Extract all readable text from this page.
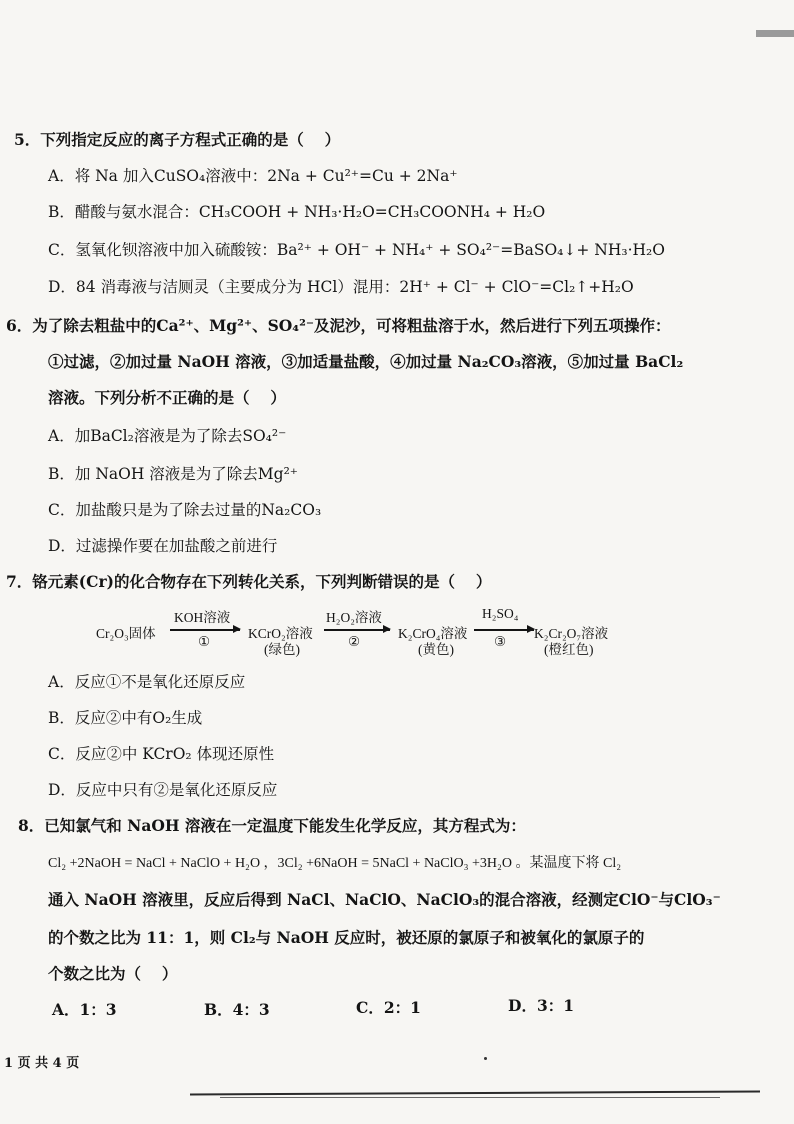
5．下列指定反应的离子方程式正确的是（　 ）
A．将 Na 加入CuSO₄溶液中：2Na + Cu²⁺=Cu + 2Na⁺
B．醋酸与氨水混合：CH₃COOH + NH₃·H₂O=CH₃COONH₄ + H₂O
C．氢氧化钡溶液中加入硫酸铵：Ba²⁺ + OH⁻ + NH₄⁺ + SO₄²⁻=BaSO₄↓+ NH₃·H₂O
D．84 消毒液与洁厕灵（主要成分为 HCl）混用：2H⁺ + Cl⁻ + ClO⁻=Cl₂↑+H₂O
6．为了除去粗盐中的Ca²⁺、Mg²⁺、SO₄²⁻及泥沙，可将粗盐溶于水，然后进行下列五项操作：
①过滤，②加过量 NaOH 溶液，③加适量盐酸，④加过量 Na₂CO₃溶液，⑤加过量 BaCl₂
溶液。下列分析不正确的是（　 ）
A．加BaCl₂溶液是为了除去SO₄²⁻
B．加 NaOH 溶液是为了除去Mg²⁺
C．加盐酸只是为了除去过量的Na₂CO₃
D．过滤操作要在加盐酸之前进行
7．铬元素(Cr)的化合物存在下列转化关系，下列判断错误的是（　 ）
Cr₂O₃固体
KOH溶液
①
KCrO₂溶液
(绿色)
H₂O₂溶液
②
K₂CrO₄溶液
(黄色)
H₂SO₄
③
K₂Cr₂O₇溶液
(橙红色)
A．反应①不是氧化还原反应
B．反应②中有O₂生成
C．反应②中 KCrO₂ 体现还原性
D．反应中只有②是氧化还原反应
8．已知氯气和 NaOH 溶液在一定温度下能发生化学反应，其方程式为：
Cl₂ +2NaOH = NaCl + NaClO + H₂O ，3Cl₂ +6NaOH = 5NaCl + NaClO₃ +3H₂O 。某温度下将 Cl₂
通入 NaOH 溶液里，反应后得到 NaCl、NaClO、NaClO₃的混合溶液，经测定ClO⁻与ClO₃⁻
的个数之比为 11：1，则 Cl₂与 NaOH 反应时，被还原的氯原子和被氧化的氯原子的
个数之比为（　 ）
A．1：3	B．4：3	C．2：1	D．3：1
1 页 共 4 页
